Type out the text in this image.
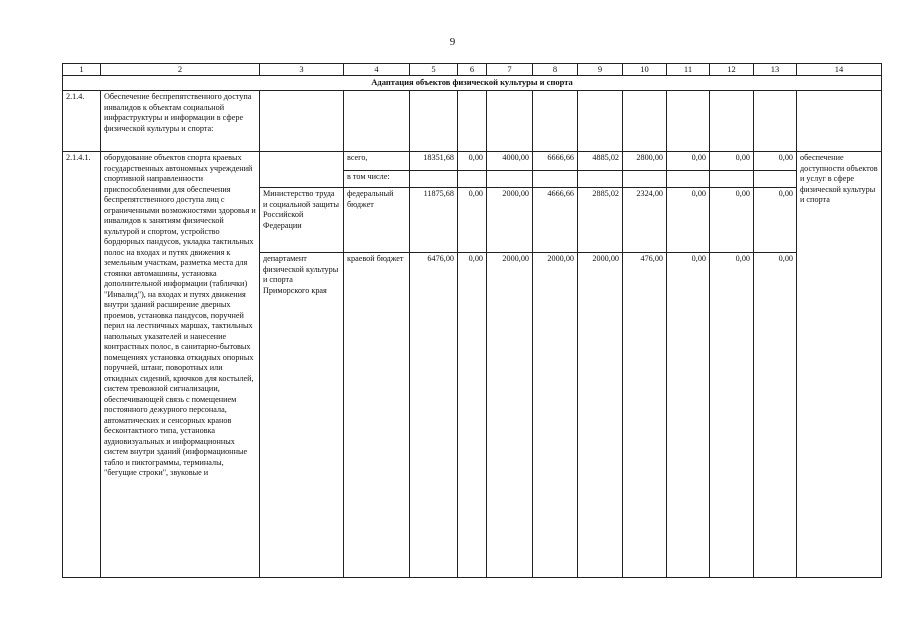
9
1	2	3	4	5	6	7	8	9	10	11	12	13	14
Адаптация объектов физической культуры и спорта													
2.1.4.	Обеспечение беспрепятственного доступа инвалидов к объектам социальной инфраструктуры и информации в сфере физической культуры и спорта:												
2.1.4.1.	оборудование объектов спорта краевых государственных автономных учреждений спортивной направленности приспособлениями для обеспечения беспрепятственного доступа лиц с ограниченными возможностями здоровья и инвалидов к занятиям физической культурой и спортом, устройство бордюрных пандусов, укладка тактильных полос на входах и путях движения к земельным участкам, разметка места для стоянки автомашины, установка дополнительной информации (таблички) "Инвалид"), на входах и путях движения внутри зданий расширение дверных проемов, установка пандусов, поручней перил на лестничных маршах, тактильных напольных указателей и нанесение контрастных полос, в санитарно-бытовых помещениях установка откидных опорных поручней, штанг, поворотных или откидных сидений, крючков для костылей, систем тревожной сигнализации, обеспечивающей связь с помещением постоянного дежурного персонала, автоматических и сенсорных кранов бесконтактного типа, установка аудиовизуальных и информационных систем внутри зданий (информационные табло и пиктограммы, терминалы, "бегущие строки", звуковые и		всего,	18351,68	0,00	4000,00	6666,66	4885,02	2800,00	0,00	0,00	0,00	обеспечение доступности объектов и услуг в сфере физической культуры и спорта
			в том числе:										
		Министерство труда и социальной защиты Российской Федерации	федеральный бюджет	11875,68	0,00	2000,00	4666,66	2885,02	2324,00	0,00	0,00	0,00	
		департамент физической культуры и спорта Приморского края	краевой бюджет	6476,00	0,00	2000,00	2000,00	2000,00	476,00	0,00	0,00	0,00	
